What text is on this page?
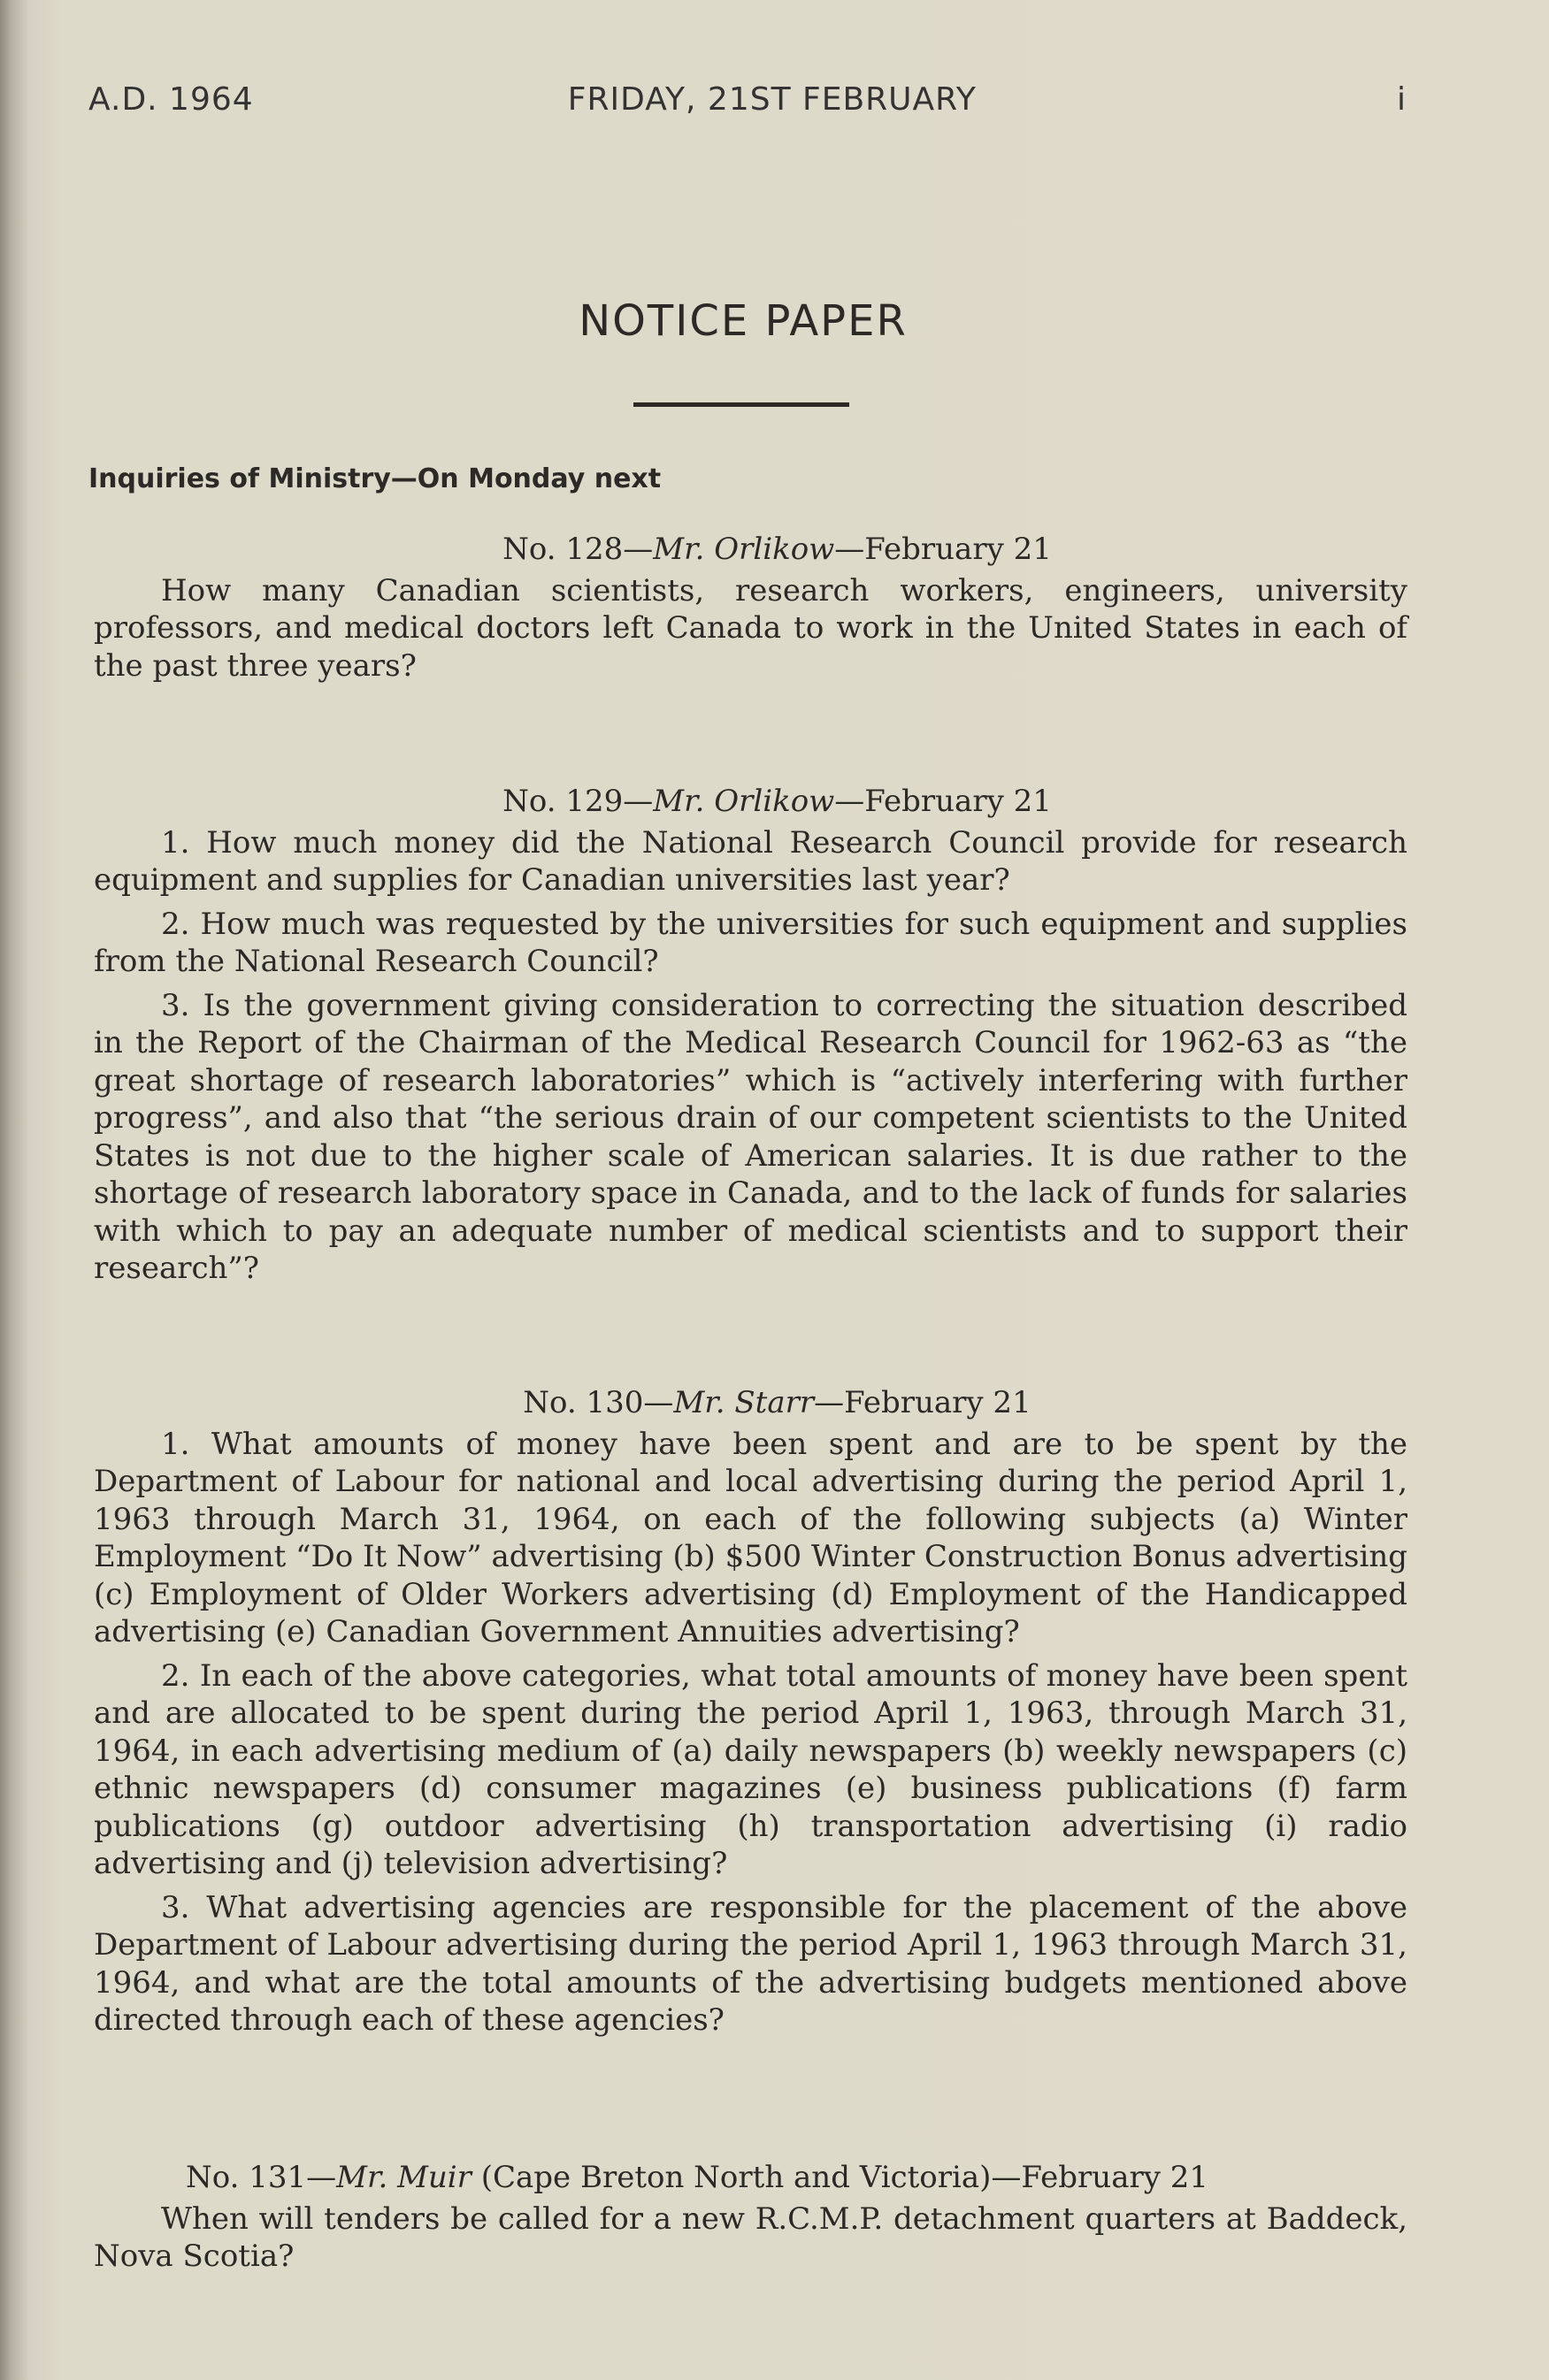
A.D. 1964	FRIDAY, 21ST FEBRUARY	i
NOTICE PAPER
Inquiries of Ministry—On Monday next
No. 128—Mr. Orlikow—February 21

How many Canadian scientists, research workers, engineers, university professors, and medical doctors left Canada to work in the United States in each of the past three years?

No. 129—Mr. Orlikow—February 21

1. How much money did the National Research Council provide for research equipment and supplies for Canadian universities last year?

2. How much was requested by the universities for such equipment and supplies from the National Research Council?

3. Is the government giving consideration to correcting the situation described in the Report of the Chairman of the Medical Research Council for 1962-63 as “the great shortage of research laboratories” which is “actively interfering with further progress”, and also that “the serious drain of our competent scientists to the United States is not due to the higher scale of American salaries. It is due rather to the shortage of research laboratory space in Canada, and to the lack of funds for salaries with which to pay an adequate number of medical scientists and to support their research”?

No. 130—Mr. Starr—February 21

1. What amounts of money have been spent and are to be spent by the Department of Labour for national and local advertising during the period April 1, 1963 through March 31, 1964, on each of the following subjects (a) Winter Employment “Do It Now” advertising (b) $500 Winter Construction Bonus advertising (c) Employment of Older Workers advertising (d) Employment of the Handicapped advertising (e) Canadian Government Annuities advertising?

2. In each of the above categories, what total amounts of money have been spent and are allocated to be spent during the period April 1, 1963, through March 31, 1964, in each advertising medium of (a) daily newspapers (b) weekly newspapers (c) ethnic newspapers (d) consumer magazines (e) business publications (f) farm publications (g) outdoor advertising (h) transportation advertising (i) radio advertising and (j) television advertising?

3. What advertising agencies are responsible for the placement of the above Department of Labour advertising during the period April 1, 1963 through March 31, 1964, and what are the total amounts of the advertising budgets mentioned above directed through each of these agencies?

No. 131—Mr. Muir (Cape Breton North and Victoria)—February 21

When will tenders be called for a new R.C.M.P. detachment quarters at Baddeck, Nova Scotia?
